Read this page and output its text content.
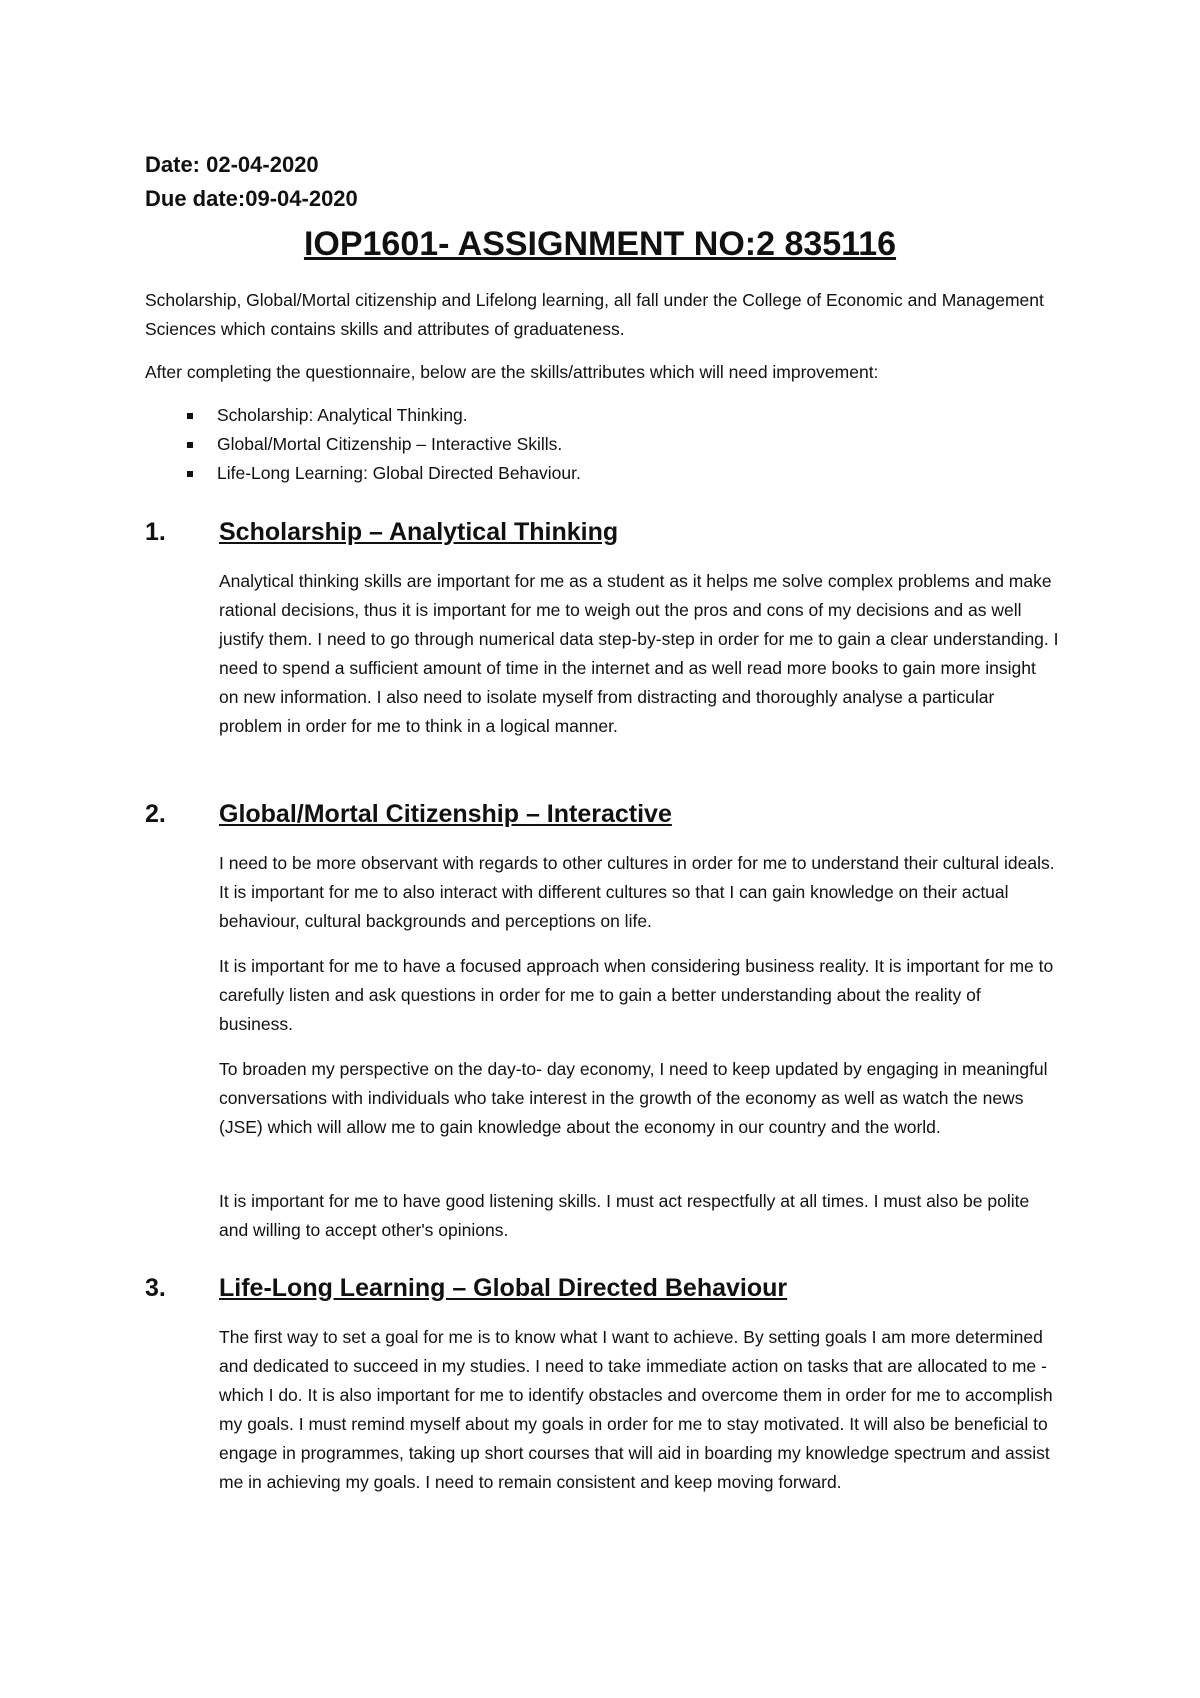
Date: 02-04-2020
Due date:09-04-2020
IOP1601- ASSIGNMENT NO:2 835116

Scholarship, Global/Mortal citizenship and Lifelong learning, all fall under the College of Economic and Management Sciences which contains skills and attributes of graduateness.

After completing the questionnaire, below are the skills/attributes which will need improvement:

Scholarship: Analytical Thinking.
Global/Mortal Citizenship – Interactive Skills.
Life-Long Learning: Global Directed Behaviour.
1.	Scholarship – Analytical Thinking

Analytical thinking skills are important for me as a student as it helps me solve complex problems and make rational decisions, thus it is important for me to weigh out the pros and cons of my decisions and as well justify them. I need to go through numerical data step-by-step in order for me to gain a clear understanding. I need to spend a sufficient amount of time in the internet and as well read more books to gain more insight on new information. I also need to isolate myself from distracting and thoroughly analyse a particular problem in order for me to think in a logical manner.

2.	Global/Mortal Citizenship – Interactive

I need to be more observant with regards to other cultures in order for me to understand their cultural ideals. It is important for me to also interact with different cultures so that I can gain knowledge on their actual behaviour, cultural backgrounds and perceptions on life.

It is important for me to have a focused approach when considering business reality. It is important for me to carefully listen and ask questions in order for me to gain a better understanding about the reality of business.

To broaden my perspective on the day-to- day economy, I need to keep updated by engaging in meaningful conversations with individuals who take interest in the growth of the economy as well as watch the news (JSE) which will allow me to gain knowledge about the economy in our country and the world.

It is important for me to have good listening skills. I must act respectfully at all times. I must also be polite and willing to accept other's opinions.

3.	Life-Long Learning – Global Directed Behaviour

The first way to set a goal for me is to know what I want to achieve. By setting goals I am more determined and dedicated to succeed in my studies. I need to take immediate action on tasks that are allocated to me - which I do. It is also important for me to identify obstacles and overcome them in order for me to accomplish my goals. I must remind myself about my goals in order for me to stay motivated. It will also be beneficial to engage in programmes, taking up short courses that will aid in boarding my knowledge spectrum and assist me in achieving my goals. I need to remain consistent and keep moving forward.
